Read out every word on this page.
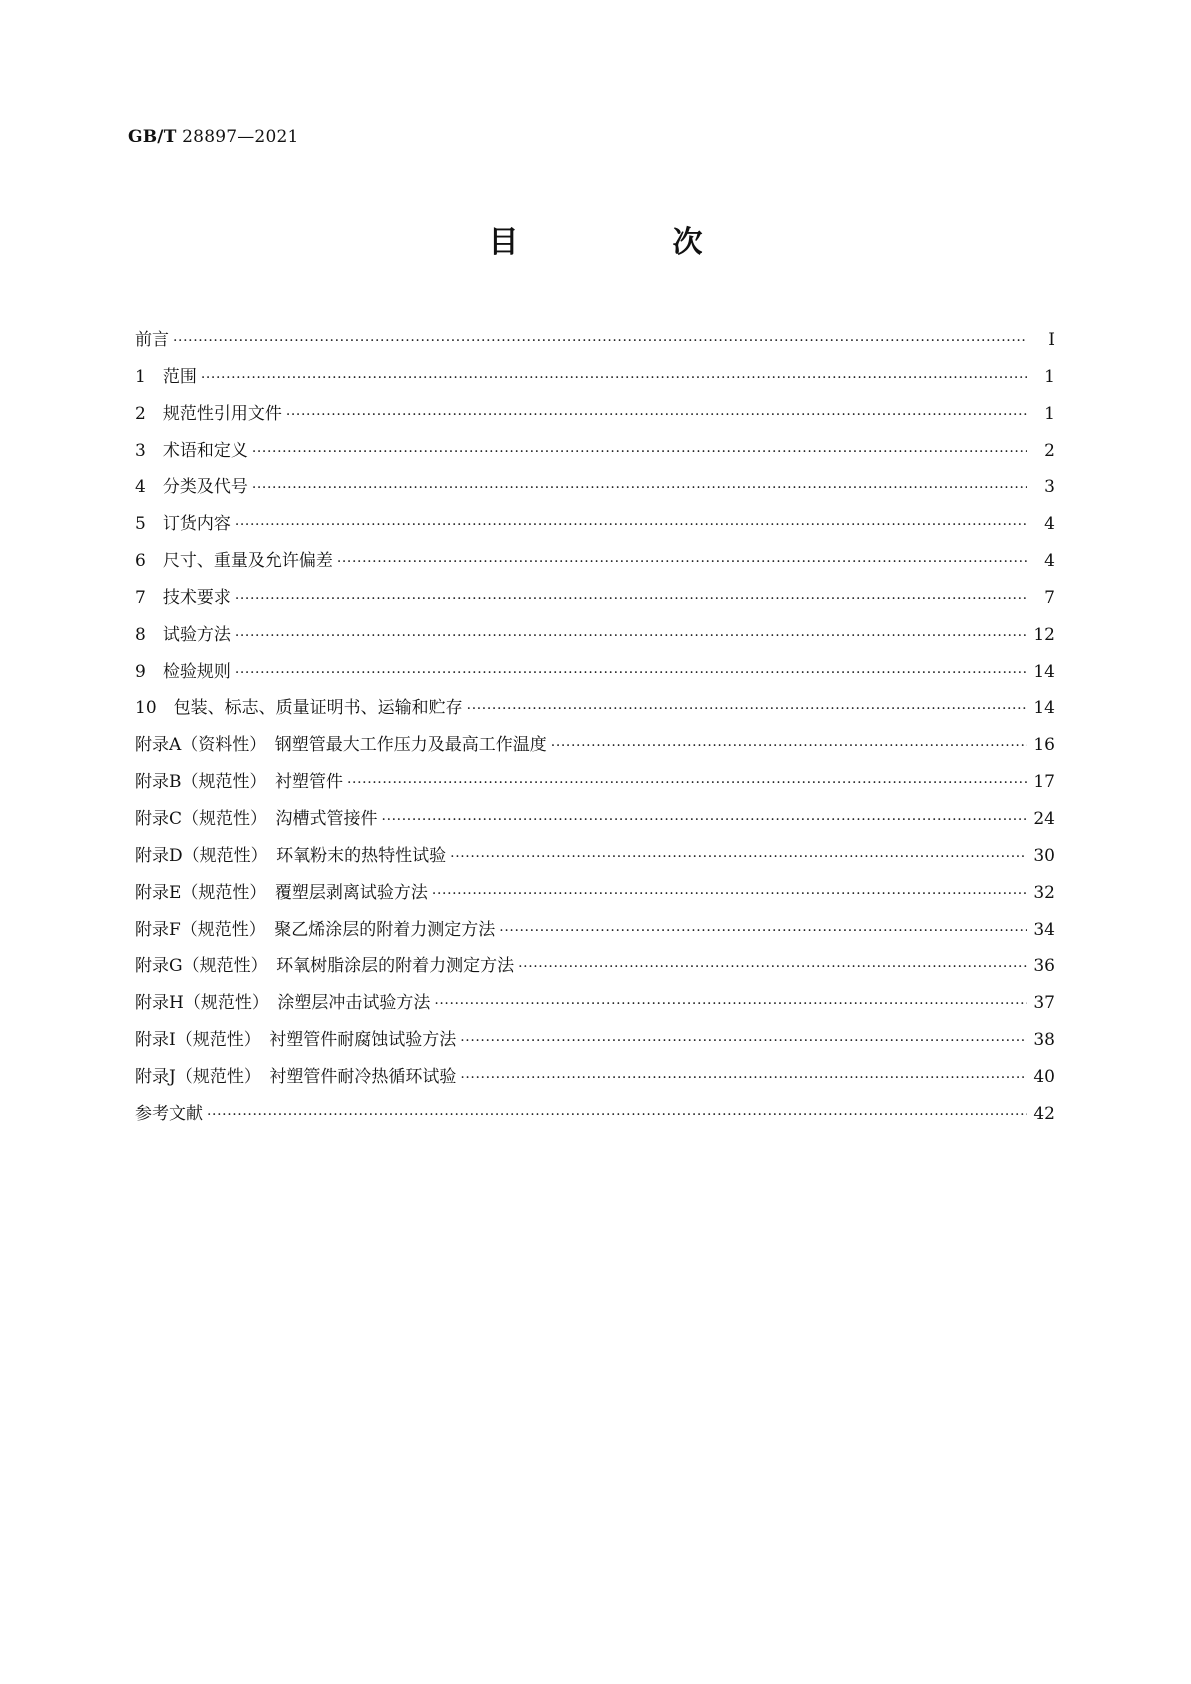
GB/T 28897—2021
目　次
前言 ·····	Ⅰ
1　范围 ·····	1
2　规范性引用文件 ·····	1
3　术语和定义 ·····	2
4　分类及代号 ·····	3
5　订货内容 ·····	4
6　尺寸、重量及允许偏差 ·····	4
7　技术要求 ·····	7
8　试验方法 ·····	12
9　检验规则 ·····	14
10　包装、标志、质量证明书、运输和贮存 ·····	14
附录A（资料性）　钢塑管最大工作压力及最高工作温度 ·····	16
附录B（规范性）　衬塑管件 ·····	17
附录C（规范性）　沟槽式管接件 ·····	24
附录D（规范性）　环氧粉末的热特性试验 ·····	30
附录E（规范性）　覆塑层剥离试验方法 ·····	32
附录F（规范性）　聚乙烯涂层的附着力测定方法 ·····	34
附录G（规范性）　环氧树脂涂层的附着力测定方法 ·····	36
附录H（规范性）　涂塑层冲击试验方法 ·····	37
附录I（规范性）　衬塑管件耐腐蚀试验方法 ·····	38
附录J（规范性）　衬塑管件耐冷热循环试验 ·····	40
参考文献 ·····	42
